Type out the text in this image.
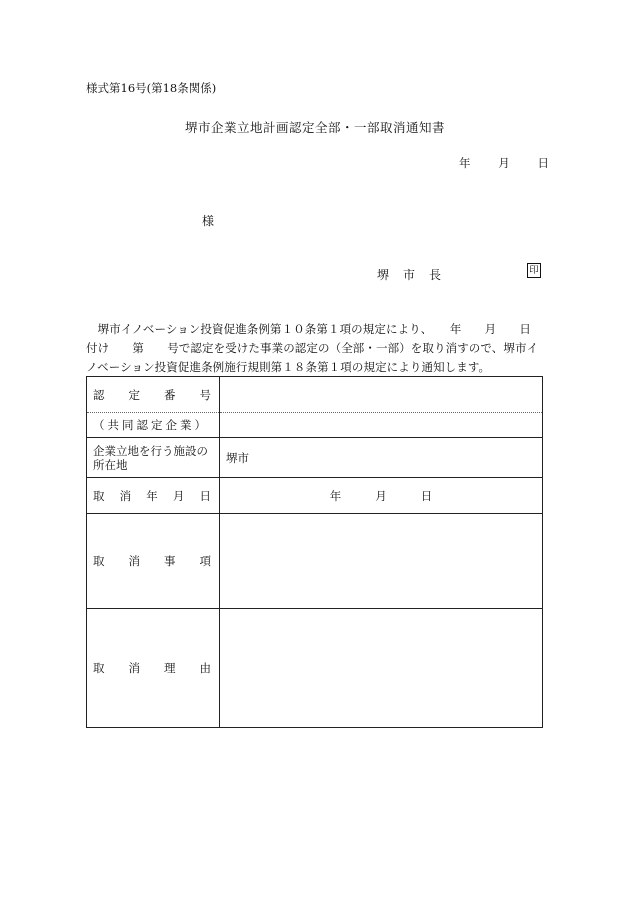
様式第16号(第18条関係)
堺市企業立地計画認定全部・一部取消通知書
年 月 日
様
堺 市 長	印

　堺市イノベーション投資促進条例第１０条第１項の規定により、　　年　　月　　日

付け　　第　　号で認定を受けた事業の認定の（全部・一部）を取り消すので、堺市イ

ノベーション投資促進条例施行規則第１８条第１項の規定により通知します。

認 定 番 号	

（共同認定企業）	
企業立地を行う施設の所在地	堺市

取 消 年 月 日	年 月 日

取 消 事 項	

取 消 理 由	
